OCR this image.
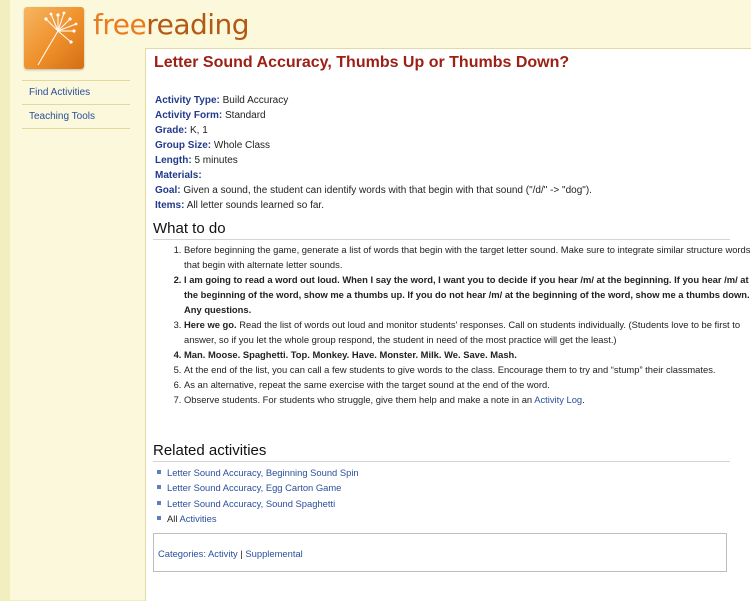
freereading
Find Activities
Teaching Tools
Letter Sound Accuracy, Thumbs Up or Thumbs Down?
Activity Type: Build Accuracy
Activity Form: Standard
Grade: K, 1
Group Size: Whole Class
Length: 5 minutes
Materials:
Goal: Given a sound, the student can identify words with that begin with that sound ("/d/" -> "dog").
Items: All letter sounds learned so far.
What to do
1. Before beginning the game, generate a list of words that begin with the target letter sound. Make sure to integrate similar structure words that begin with alternate letter sounds.
2. I am going to read a word out loud. When I say the word, I want you to decide if you hear /m/ at the beginning. If you hear /m/ at the beginning of the word, show me a thumbs up. If you do not hear /m/ at the beginning of the word, show me a thumbs down. Any questions.
3. Here we go. Read the list of words out loud and monitor students' responses. Call on students individually. (Students love to be first to answer, so if you let the whole group respond, the student in need of the most practice will get the least.)
4. Man. Moose. Spaghetti. Top. Monkey. Have. Monster. Milk. We. Save. Mash.
5. At the end of the list, you can call a few students to give words to the class. Encourage them to try and “stump” their classmates.
6. As an alternative, repeat the same exercise with the target sound at the end of the word.
7. Observe students. For students who struggle, give them help and make a note in an Activity Log.
Related activities
Letter Sound Accuracy, Beginning Sound Spin
Letter Sound Accuracy, Egg Carton Game
Letter Sound Accuracy, Sound Spaghetti
All Activities
Categories: Activity | Supplemental
